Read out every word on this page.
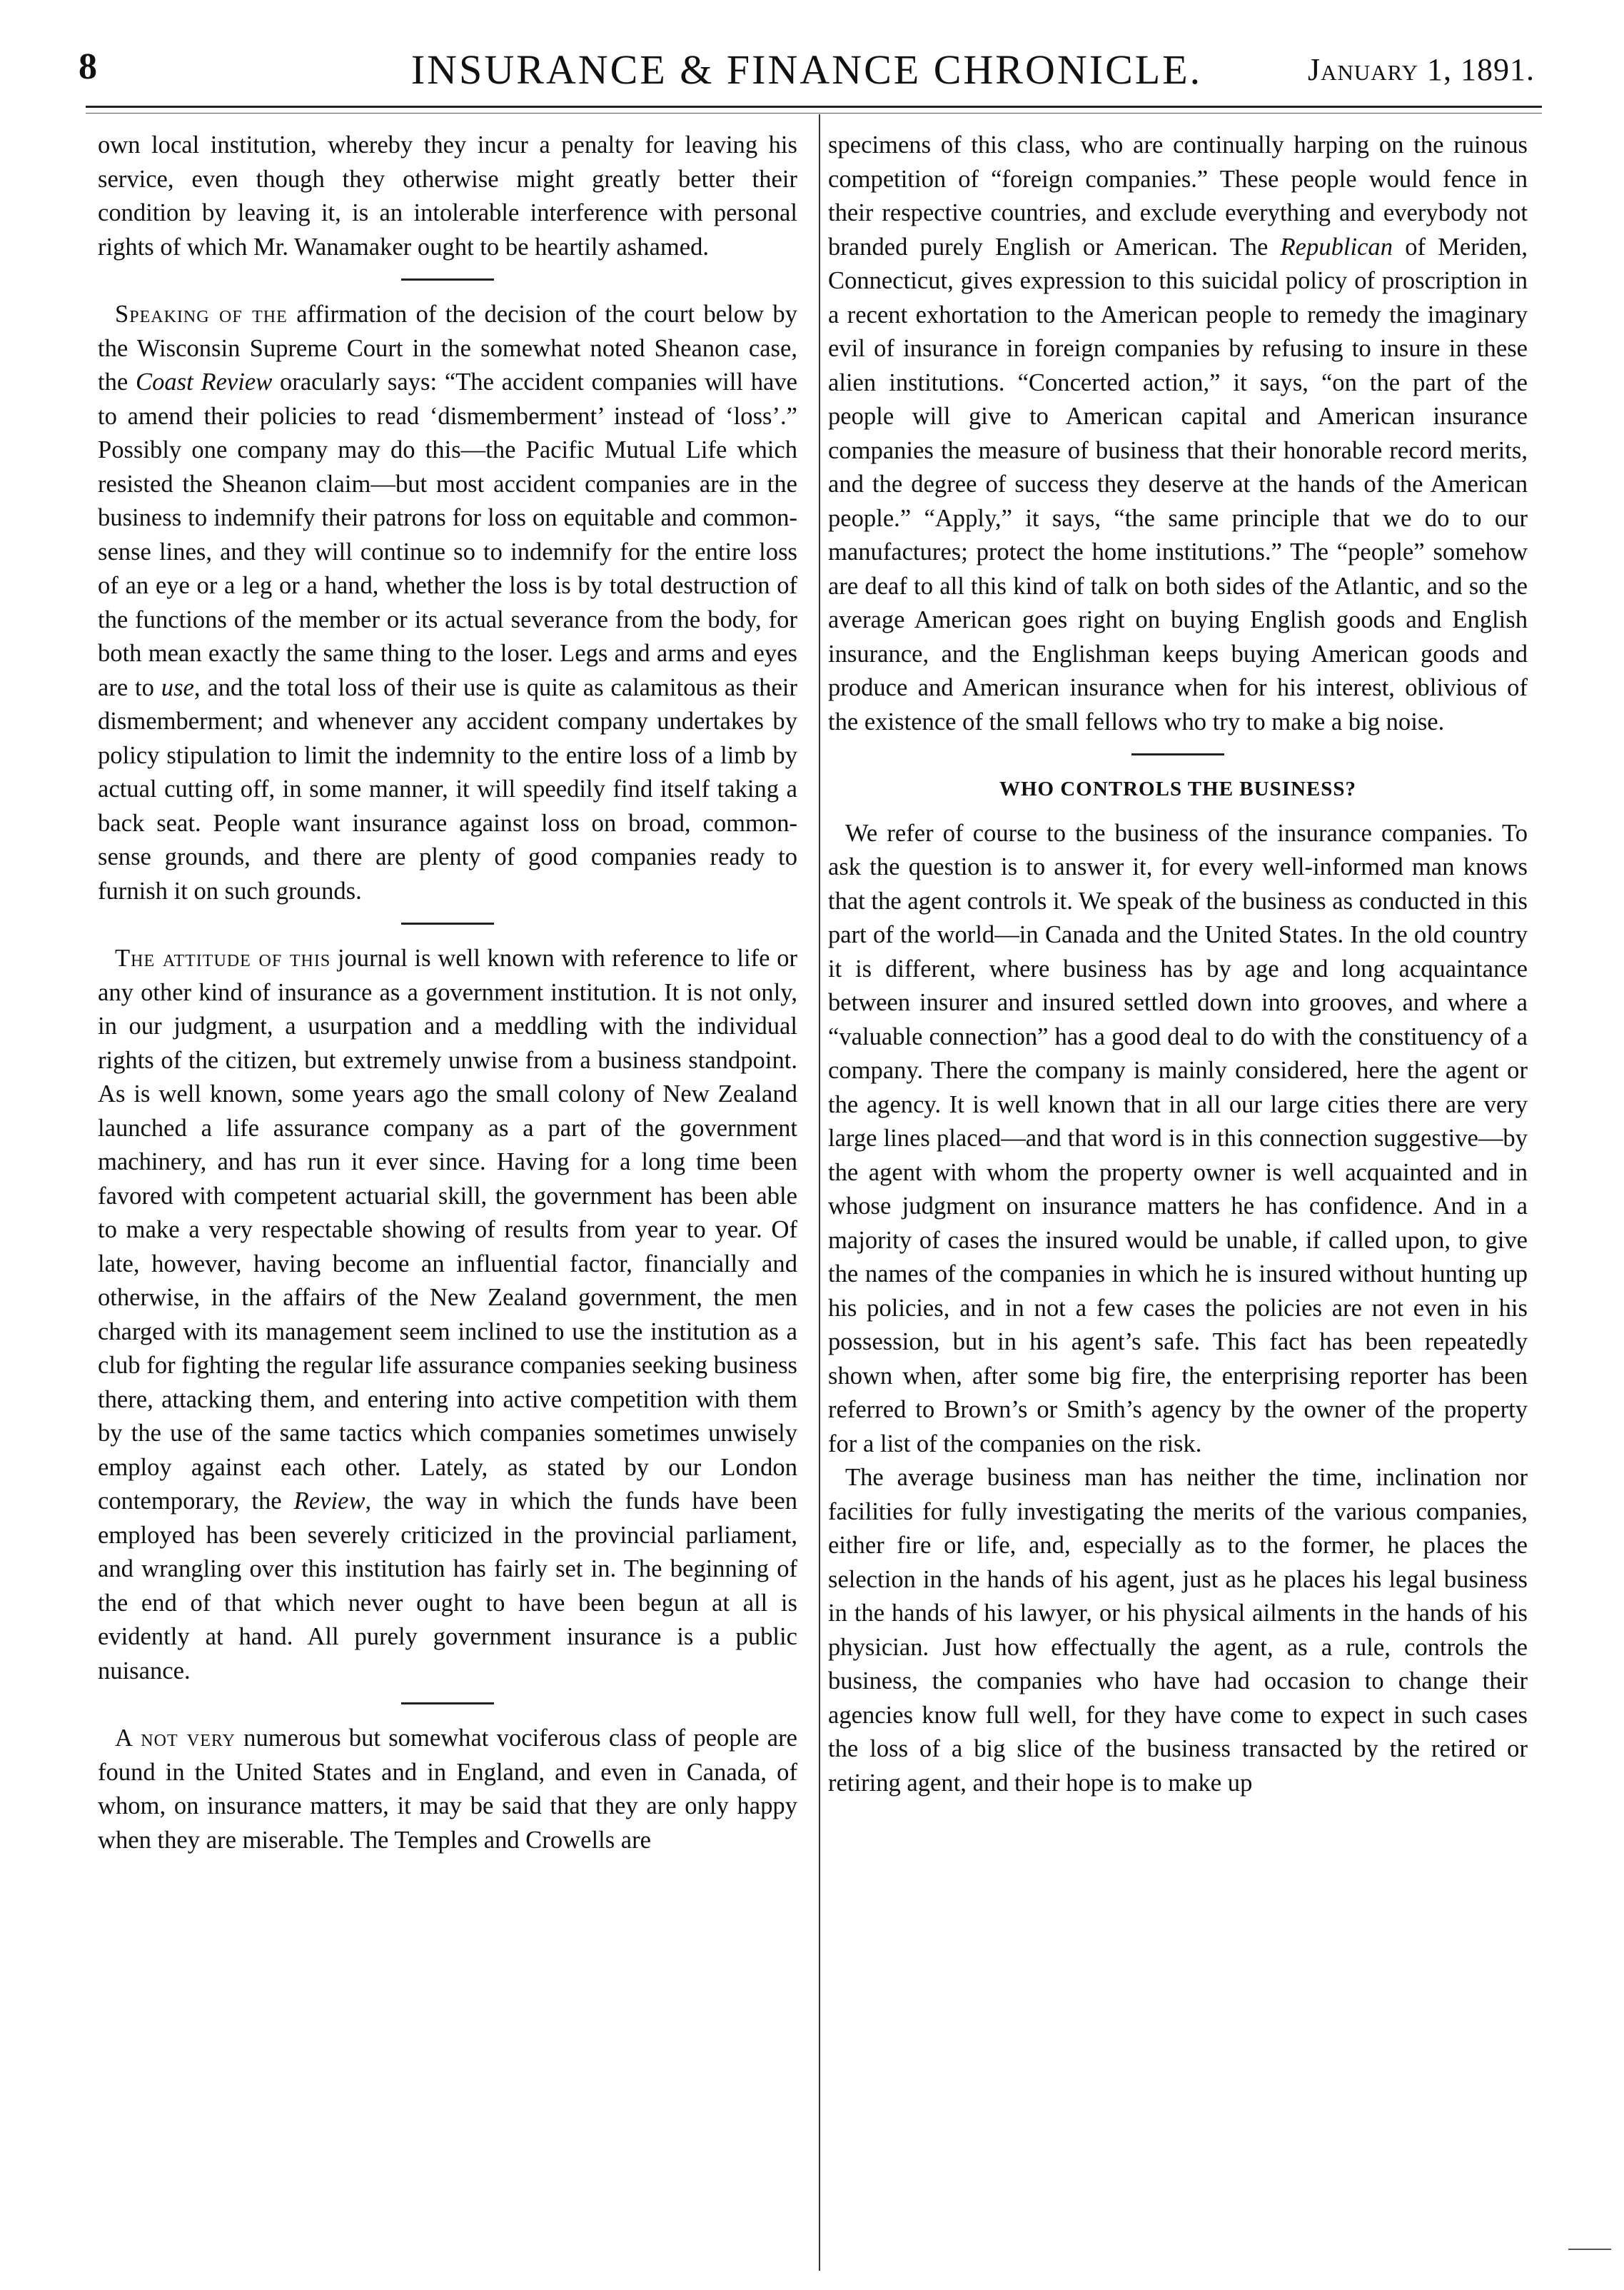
8	INSURANCE & FINANCE CHRONICLE.	January 1, 1891.

own local institution, whereby they incur a penalty for leaving his service, even though they otherwise might greatly better their condition by leaving it, is an intolerable interference with personal rights of which Mr. Wanamaker ought to be heartily ashamed.

Speaking of the affirmation of the decision of the court below by the Wisconsin Supreme Court in the somewhat noted Sheanon case, the Coast Review oracularly says: “The accident companies will have to amend their policies to read ‘dismemberment’ instead of ‘loss’.” Possibly one company may do this—the Pacific Mutual Life which resisted the Sheanon claim—but most accident companies are in the business to indemnify their patrons for loss on equitable and common-sense lines, and they will continue so to indemnify for the entire loss of an eye or a leg or a hand, whether the loss is by total destruction of the functions of the member or its actual severance from the body, for both mean exactly the same thing to the loser. Legs and arms and eyes are to use, and the total loss of their use is quite as calamitous as their dismemberment; and whenever any accident company undertakes by policy stipulation to limit the indemnity to the entire loss of a limb by actual cutting off, in some manner, it will speedily find itself taking a back seat. People want insurance against loss on broad, common-sense grounds, and there are plenty of good companies ready to furnish it on such grounds.

The attitude of this journal is well known with reference to life or any other kind of insurance as a government institution. It is not only, in our judgment, a usurpation and a meddling with the individual rights of the citizen, but extremely unwise from a business standpoint. As is well known, some years ago the small colony of New Zealand launched a life assurance company as a part of the government machinery, and has run it ever since. Having for a long time been favored with competent actuarial skill, the government has been able to make a very respectable showing of results from year to year. Of late, however, having become an influential factor, financially and otherwise, in the affairs of the New Zealand government, the men charged with its management seem inclined to use the institution as a club for fighting the regular life assurance companies seeking business there, attacking them, and entering into active competition with them by the use of the same tactics which companies sometimes unwisely employ against each other. Lately, as stated by our London contemporary, the Review, the way in which the funds have been employed has been severely criticized in the provincial parliament, and wrangling over this institution has fairly set in. The beginning of the end of that which never ought to have been begun at all is evidently at hand. All purely government insurance is a public nuisance.

A not very numerous but somewhat vociferous class of people are found in the United States and in England, and even in Canada, of whom, on insurance matters, it may be said that they are only happy when they are miserable. The Temples and Crowells are

specimens of this class, who are continually harping on the ruinous competition of “foreign companies.” These people would fence in their respective countries, and exclude everything and everybody not branded purely English or American. The Republican of Meriden, Connecticut, gives expression to this suicidal policy of proscription in a recent exhortation to the American people to remedy the imaginary evil of insurance in foreign companies by refusing to insure in these alien institutions. “Concerted action,” it says, “on the part of the people will give to American capital and American insurance companies the measure of business that their honorable record merits, and the degree of success they deserve at the hands of the American people.” “Apply,” it says, “the same principle that we do to our manufactures; protect the home institutions.” The “people” somehow are deaf to all this kind of talk on both sides of the Atlantic, and so the average American goes right on buying English goods and English insurance, and the Englishman keeps buying American goods and produce and American insurance when for his interest, oblivious of the existence of the small fellows who try to make a big noise.

WHO CONTROLS THE BUSINESS?

We refer of course to the business of the insurance companies. To ask the question is to answer it, for every well-informed man knows that the agent controls it. We speak of the business as conducted in this part of the world—in Canada and the United States. In the old country it is different, where business has by age and long acquaintance between insurer and insured settled down into grooves, and where a “valuable connection” has a good deal to do with the constituency of a company. There the company is mainly considered, here the agent or the agency. It is well known that in all our large cities there are very large lines placed—and that word is in this connection suggestive—by the agent with whom the property owner is well acquainted and in whose judgment on insurance matters he has confidence. And in a majority of cases the insured would be unable, if called upon, to give the names of the companies in which he is insured without hunting up his policies, and in not a few cases the policies are not even in his possession, but in his agent’s safe. This fact has been repeatedly shown when, after some big fire, the enterprising reporter has been referred to Brown’s or Smith’s agency by the owner of the property for a list of the companies on the risk.

The average business man has neither the time, inclination nor facilities for fully investigating the merits of the various companies, either fire or life, and, especially as to the former, he places the selection in the hands of his agent, just as he places his legal business in the hands of his lawyer, or his physical ailments in the hands of his physician. Just how effectually the agent, as a rule, controls the business, the companies who have had occasion to change their agencies know full well, for they have come to expect in such cases the loss of a big slice of the business transacted by the retired or retiring agent, and their hope is to make up
